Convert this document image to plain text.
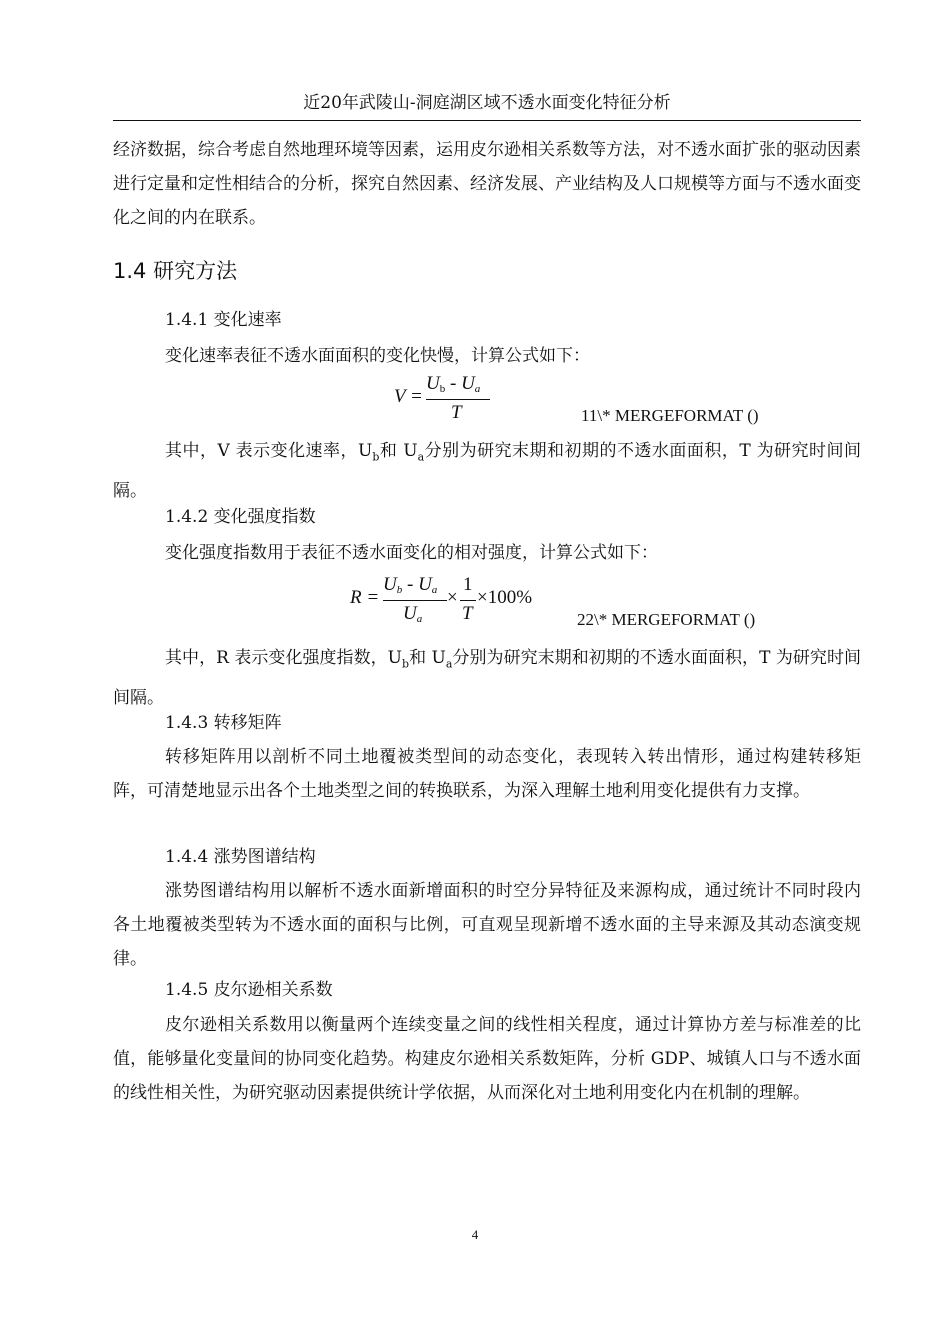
近20年武陵山-洞庭湖区域不透水面变化特征分析

经济数据，综合考虑自然地理环境等因素，运用皮尔逊相关系数等方法，对不透水面扩张的驱动因素进行定量和定性相结合的分析，探究自然因素、经济发展、产业结构及人口规模等方面与不透水面变化之间的内在联系。

1.4 研究方法

1.4.1 变化速率

变化速率表征不透水面面积的变化快慢，计算公式如下：

V =
Ub - Ua
T	11\* MERGEFORMAT ()

其中，V 表示变化速率，$U_b$和 $U_a$分别为研究末期和初期的不透水面面积，T 为研究时间间隔。

1.4.2 变化强度指数

变化强度指数用于表征不透水面变化的相对强度，计算公式如下：

R =
Ub - Ua
Ua
×
1
T
×100%
22\* MERGEFORMAT ()

其中，R 表示变化强度指数，$U_b$和 $U_a$分别为研究末期和初期的不透水面面积，T 为研究时间间隔。

1.4.3 转移矩阵

转移矩阵用以剖析不同土地覆被类型间的动态变化，表现转入转出情形，通过构建转移矩阵，可清楚地显示出各个土地类型之间的转换联系，为深入理解土地利用变化提供有力支撑。

1.4.4 涨势图谱结构

涨势图谱结构用以解析不透水面新增面积的时空分异特征及来源构成，通过统计不同时段内各土地覆被类型转为不透水面的面积与比例，可直观呈现新增不透水面的主导来源及其动态演变规律。

1.4.5 皮尔逊相关系数

皮尔逊相关系数用以衡量两个连续变量之间的线性相关程度，通过计算协方差与标准差的比值，能够量化变量间的协同变化趋势。构建皮尔逊相关系数矩阵，分析 GDP、城镇人口与不透水面的线性相关性，为研究驱动因素提供统计学依据，从而深化对土地利用变化内在机制的理解。

4
